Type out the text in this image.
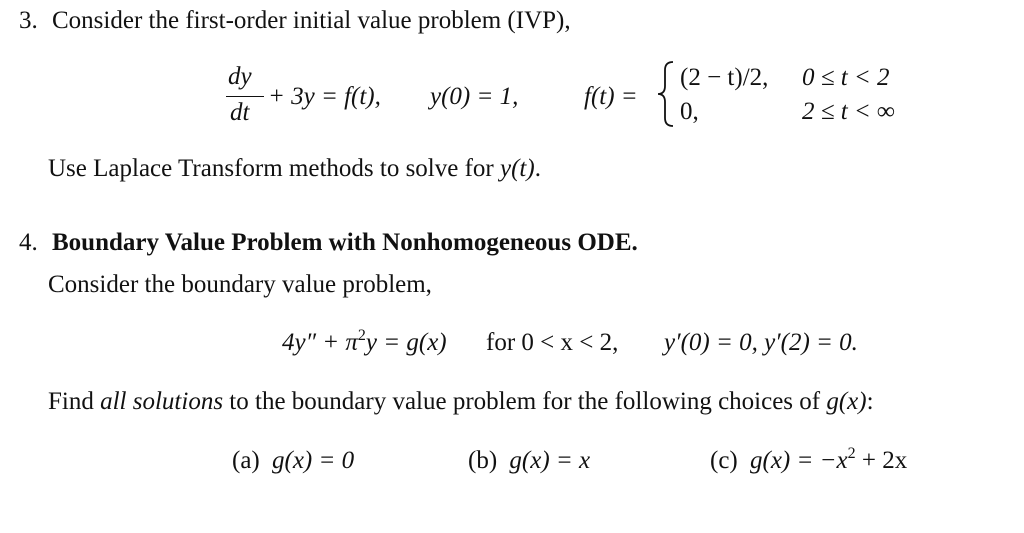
3. Consider the first-order initial value problem (IVP),
dy
dt
+ 3y = f(t), y(0) = 1,	f(t) =
(2 − t)/2, 0 ≤ t < 2
0,	2 ≤ t < ∞
Use Laplace Transform methods to solve for y(t).
4. Boundary Value Problem with Nonhomogeneous ODE.
Consider the boundary value problem,
$4y'' + \pi^2y = g(x)$ for 0 < x < 2, y′(0) = 0, y′(2) = 0.
Find all solutions to the boundary value problem for the following choices of g(x):
(a) g(x) = 0	(b) g(x) = x	(c) $g(x) = -x^2 + 2x$
